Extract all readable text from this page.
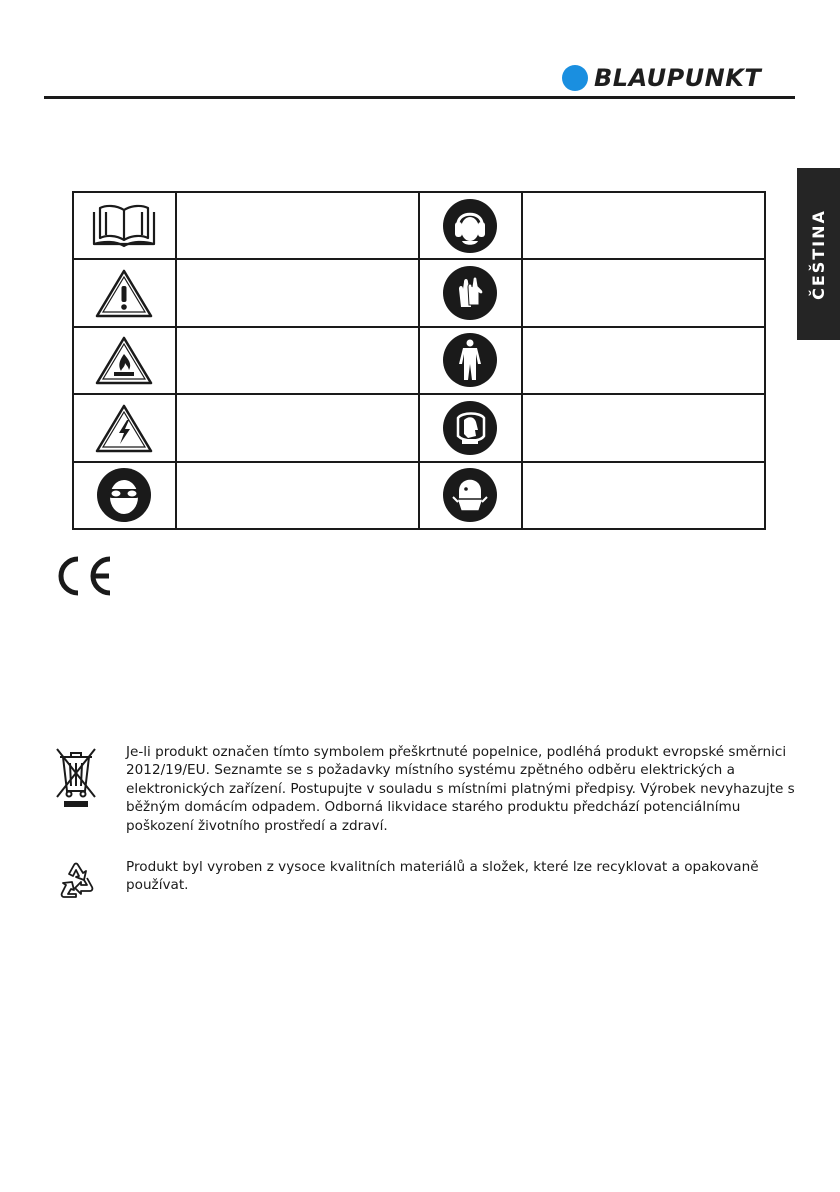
BLAUPUNKT
ČEŠTINA

Je-li produkt označen tímto symbolem přeškrtnuté popelnice, podléhá produkt evropské směrnici 2012/19/EU. Seznamte se s požadavky místního systému zpětného odběru elektrických a elektronických zařízení. Postupujte v souladu s místními platnými předpisy. Výrobek nevyhazujte s běžným domácím odpadem. Odborná likvidace starého produktu předchází potenciálnímu poškození životního prostředí a zdraví.

Produkt byl vyroben z vysoce kvalitních materiálů a složek, které lze recyklovat a opakovaně používat.
